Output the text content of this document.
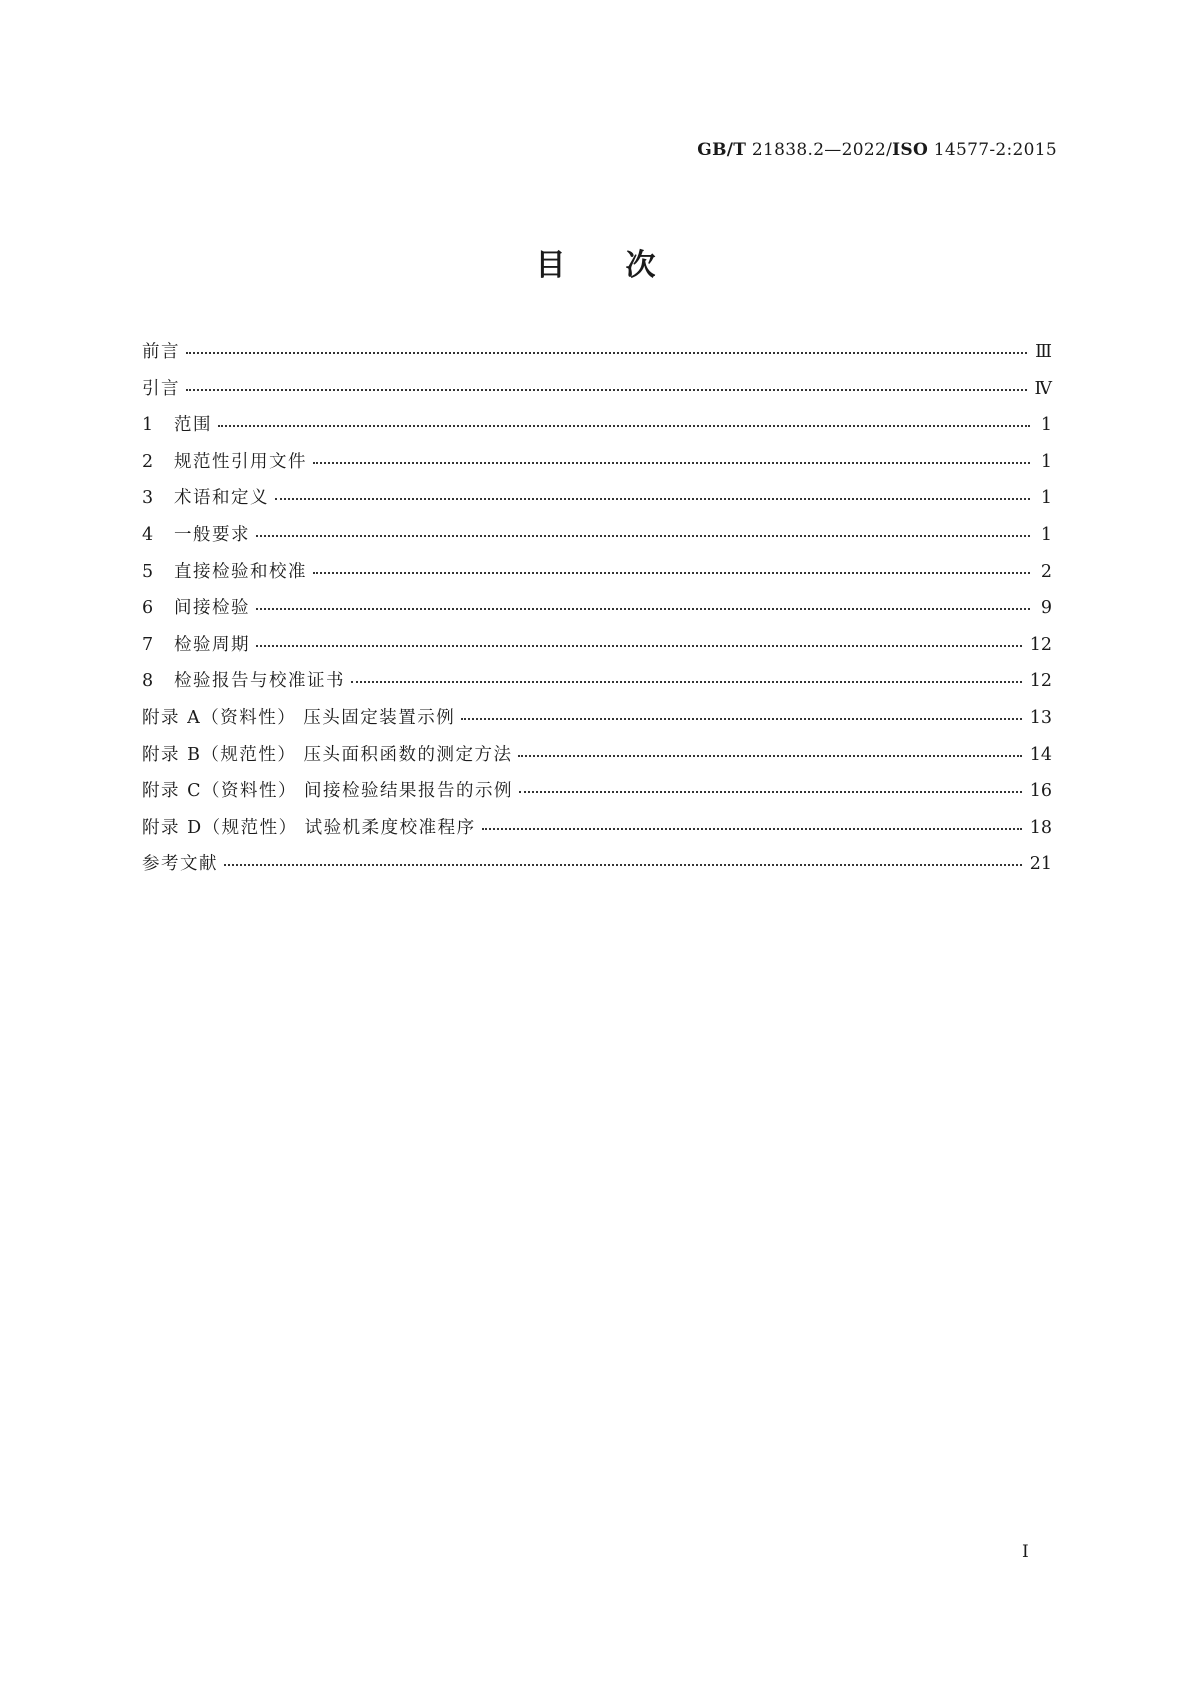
GB/T 21838.2—2022/ISO 14577-2:2015
目 次
前言	Ⅲ
引言	Ⅳ
1	范围	1
2	规范性引用文件	1
3	术语和定义	1
4	一般要求	1
5	直接检验和校准	2
6	间接检验	9
7	检验周期	12
8	检验报告与校准证书	12
附录 A（资料性） 压头固定装置示例	13
附录 B（规范性） 压头面积函数的测定方法	14
附录 C（资料性） 间接检验结果报告的示例	16
附录 D（规范性） 试验机柔度校准程序	18
参考文献	21
Ⅰ
